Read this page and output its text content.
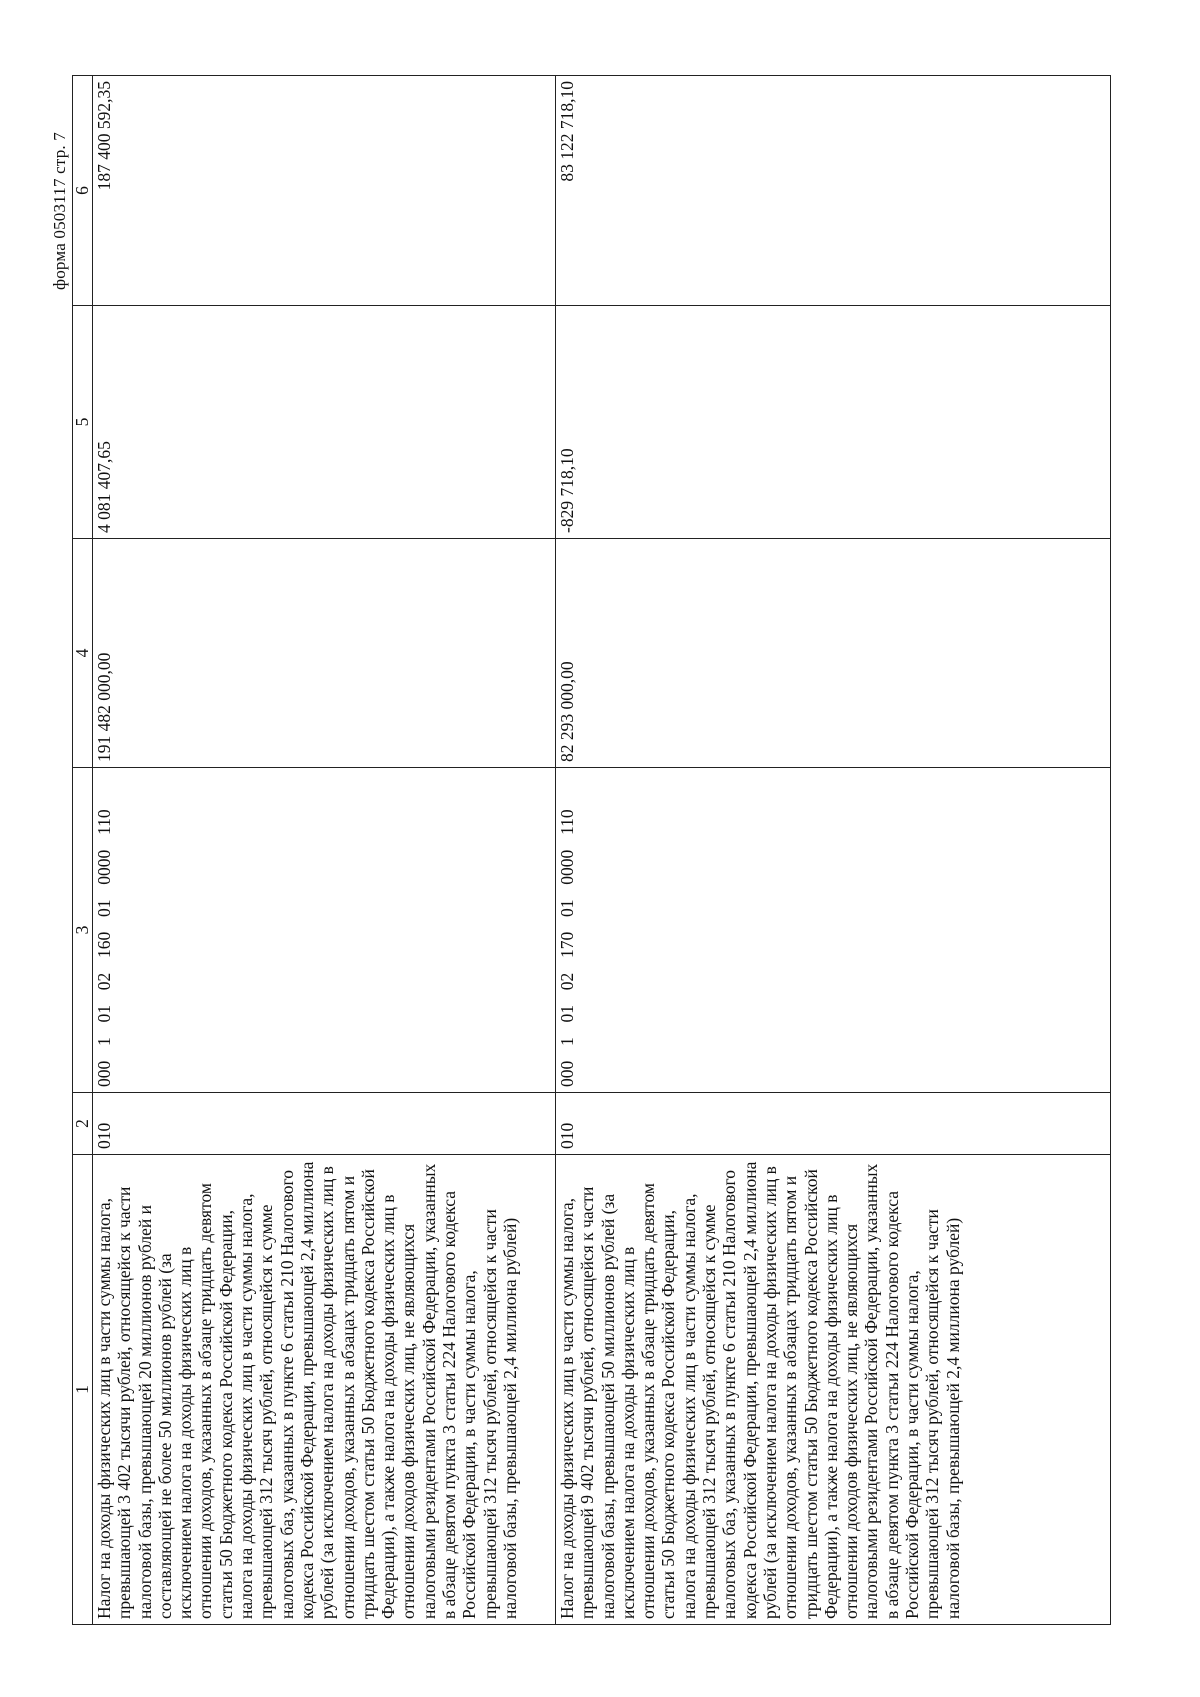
форма 0503117 стр. 7
1	2	3	4	5	6
Налог на доходы физических лиц в части суммы налога, превышающей 3 402 тысячи рублей, относящейся к части налоговой базы, превышающей 20 миллионов рублей и составляющей не более 50 миллионов рублей (за исключением налога на доходы физических лиц в отношении доходов, указанных в абзаце тридцать девятом статьи 50 Бюджетного кодекса Российской Федерации, налога на доходы физических лиц в части суммы налога, превышающей 312 тысяч рублей, относящейся к сумме налоговых баз, указанных в пункте 6 статьи 210 Налогового кодекса Российской Федерации, превышающей 2,4 миллиона рублей (за исключением налога на доходы физических лиц в отношении доходов, указанных в абзацах тридцать пятом и тридцать шестом статьи 50 Бюджетного кодекса Российской Федерации), а также налога на доходы физических лиц в отношении доходов физических лиц, не являющихся налоговыми резидентами Российской Федерации, указанных в абзаце девятом пункта 3 статьи 224 Налогового кодекса Российской Федерации, в части суммы налога, превышающей 312 тысяч рублей, относящейся к части налоговой базы, превышающей 2,4 миллиона рублей)	010	000  1  01  02  160  01  0000  110	191 482 000,00	4 081 407,65	187 400 592,35
Налог на доходы физических лиц в части суммы налога, превышающей 9 402 тысячи рублей, относящейся к части налоговой базы, превышающей 50 миллионов рублей (за исключением налога на доходы физических лиц в отношении доходов, указанных в абзаце тридцать девятом статьи 50 Бюджетного кодекса Российской Федерации, налога на доходы физических лиц в части суммы налога, превышающей 312 тысяч рублей, относящейся к сумме налоговых баз, указанных в пункте 6 статьи 210 Налогового кодекса Российской Федерации, превышающей 2,4 миллиона рублей (за исключением налога на доходы физических лиц в отношении доходов, указанных в абзацах тридцать пятом и тридцать шестом статьи 50 Бюджетного кодекса Российской Федерации), а также налога на доходы физических лиц в отношении доходов физических лиц, не являющихся налоговыми резидентами Российской Федерации, указанных в абзаце девятом пункта 3 статьи 224 Налогового кодекса Российской Федерации, в части суммы налога, превышающей 312 тысяч рублей, относящейся к части налоговой базы, превышающей 2,4 миллиона рублей)	010	000  1  01  02  170  01  0000  110	82 293 000,00	-829 718,10	83 122 718,10
